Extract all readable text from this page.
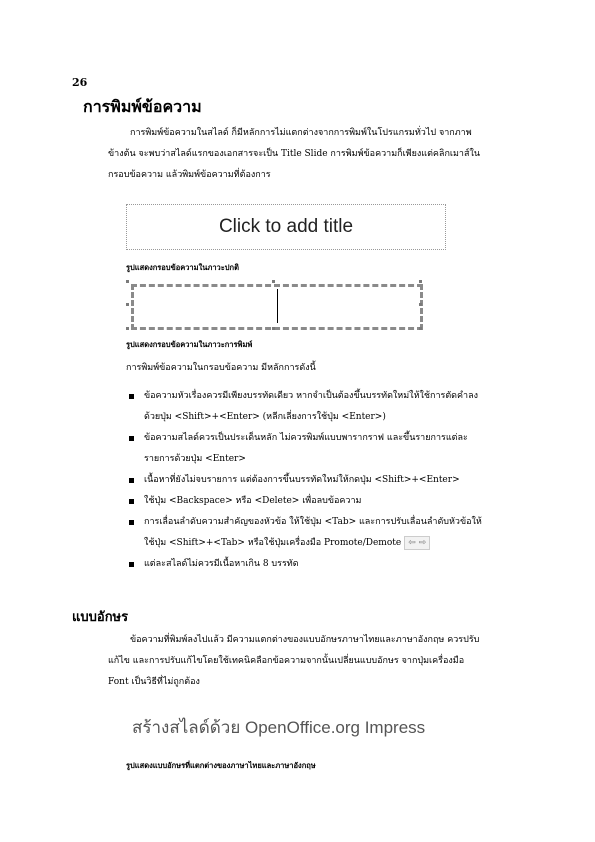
26
การพิมพ์ข้อความ
การพิมพ์ข้อความในสไลด์ ก็มีหลักการไม่แตกต่างจากการพิมพ์ในโปรแกรมทั่วไป จากภาพข้างต้น จะพบว่าสไลด์แรกของเอกสารจะเป็น Title Slide การพิมพ์ข้อความก็เพียงแต่คลิกเมาส์ในกรอบข้อความ แล้วพิมพ์ข้อความที่ต้องการ
Click to add title
รูปแสดงกรอบข้อความในภาวะปกติ
รูปแสดงกรอบข้อความในภาวะการพิมพ์
การพิมพ์ข้อความในกรอบข้อความ มีหลักการดังนี้
ข้อความหัวเรื่องควรมีเพียงบรรทัดเดียว หากจำเป็นต้องขึ้นบรรทัดใหม่ให้ใช้การตัดคำลงด้วยปุ่ม <Shift>+<Enter> (หลีกเลี่ยงการใช้ปุ่ม <Enter>)
ข้อความสไลด์ควรเป็นประเด็นหลัก ไม่ควรพิมพ์แบบพารากราฟ และขึ้นรายการแต่ละรายการด้วยปุ่ม <Enter>
เนื้อหาที่ยังไม่จบรายการ แต่ต้องการขึ้นบรรทัดใหม่ให้กดปุ่ม <Shift>+<Enter>
ใช้ปุ่ม <Backspace> หรือ <Delete> เพื่อลบข้อความ
การเลื่อนลำดับความสำคัญของหัวข้อ ให้ใช้ปุ่ม <Tab> และการปรับเลื่อนลำดับหัวข้อให้ใช้ปุ่ม <Shift>+<Tab> หรือใช้ปุ่มเครื่องมือ Promote/Demote ⇦ ⇨
แต่ละสไลด์ไม่ควรมีเนื้อหาเกิน 8 บรรทัด
แบบอักษร
ข้อความที่พิมพ์ลงไปแล้ว มีความแตกต่างของแบบอักษรภาษาไทยและภาษาอังกฤษ ควรปรับแก้ไข และการปรับแก้ไขโดยใช้เทคนิคลือกข้อความจากนั้นเปลี่ยนแบบอักษร จากปุ่มเครื่องมือ Font เป็นวิธีที่ไม่ถูกต้อง
สร้างสไลด์ด้วย OpenOffice.org Impress
รูปแสดงแบบอักษรที่แตกต่างของภาษาไทยและภาษาอังกฤษ
